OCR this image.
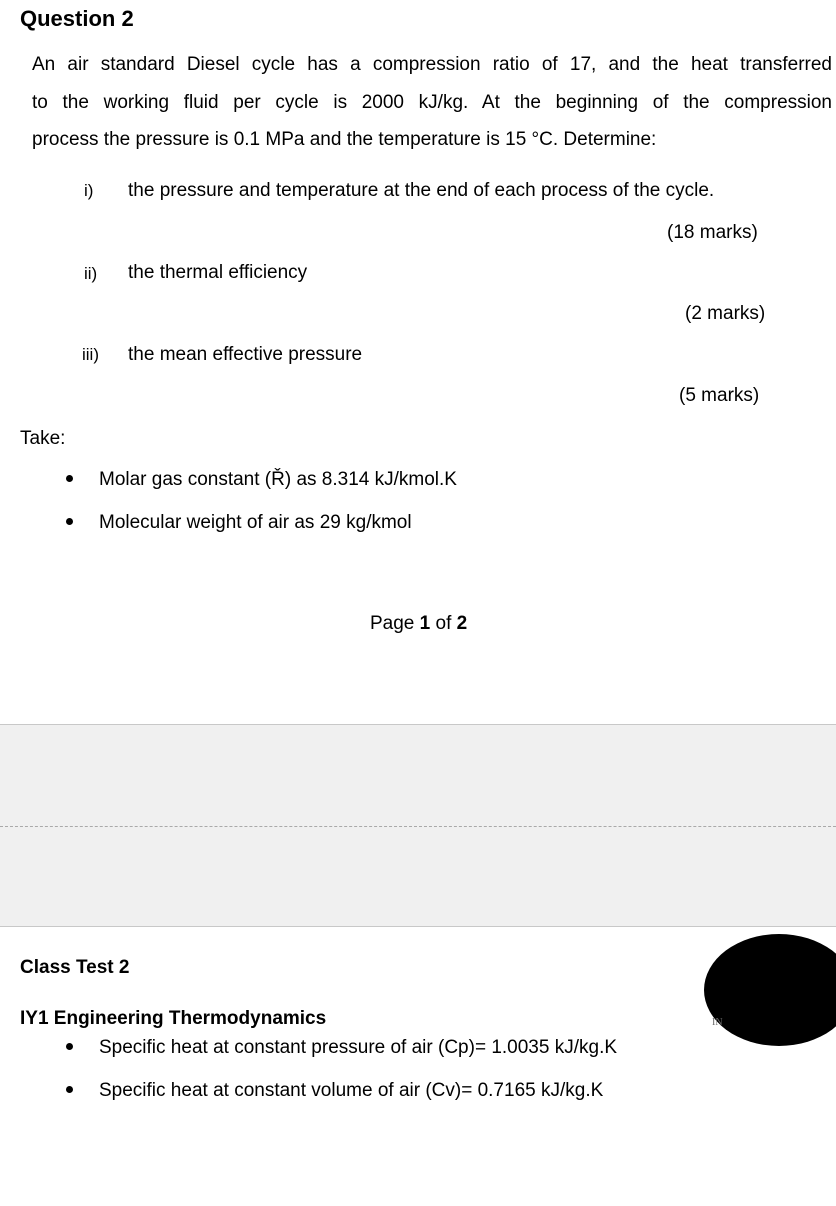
Question 2

An air standard Diesel cycle has a compression ratio of 17, and the heat transferred
to the working fluid per cycle is 2000 kJ/kg. At the beginning of the compression
process the pressure is 0.1 MPa and the temperature is 15 °C. Determine:

i) the pressure and temperature at the end of each process of the cycle.
(18 marks)
ii) the thermal efficiency
(2 marks)
iii) the mean effective pressure
(5 marks)
Take:
Molar gas constant (Ř) as 8.314 kJ/kmol.K
Molecular weight of air as 29 kg/kmol
Page 1 of 2
Class Test 2
IY1 Engineering Thermodynamics
Specific heat at constant pressure of air (Cp)= 1.0035 kJ/kg.K
Specific heat at constant volume of air (Cv)= 0.7165 kJ/kg.K
IN
